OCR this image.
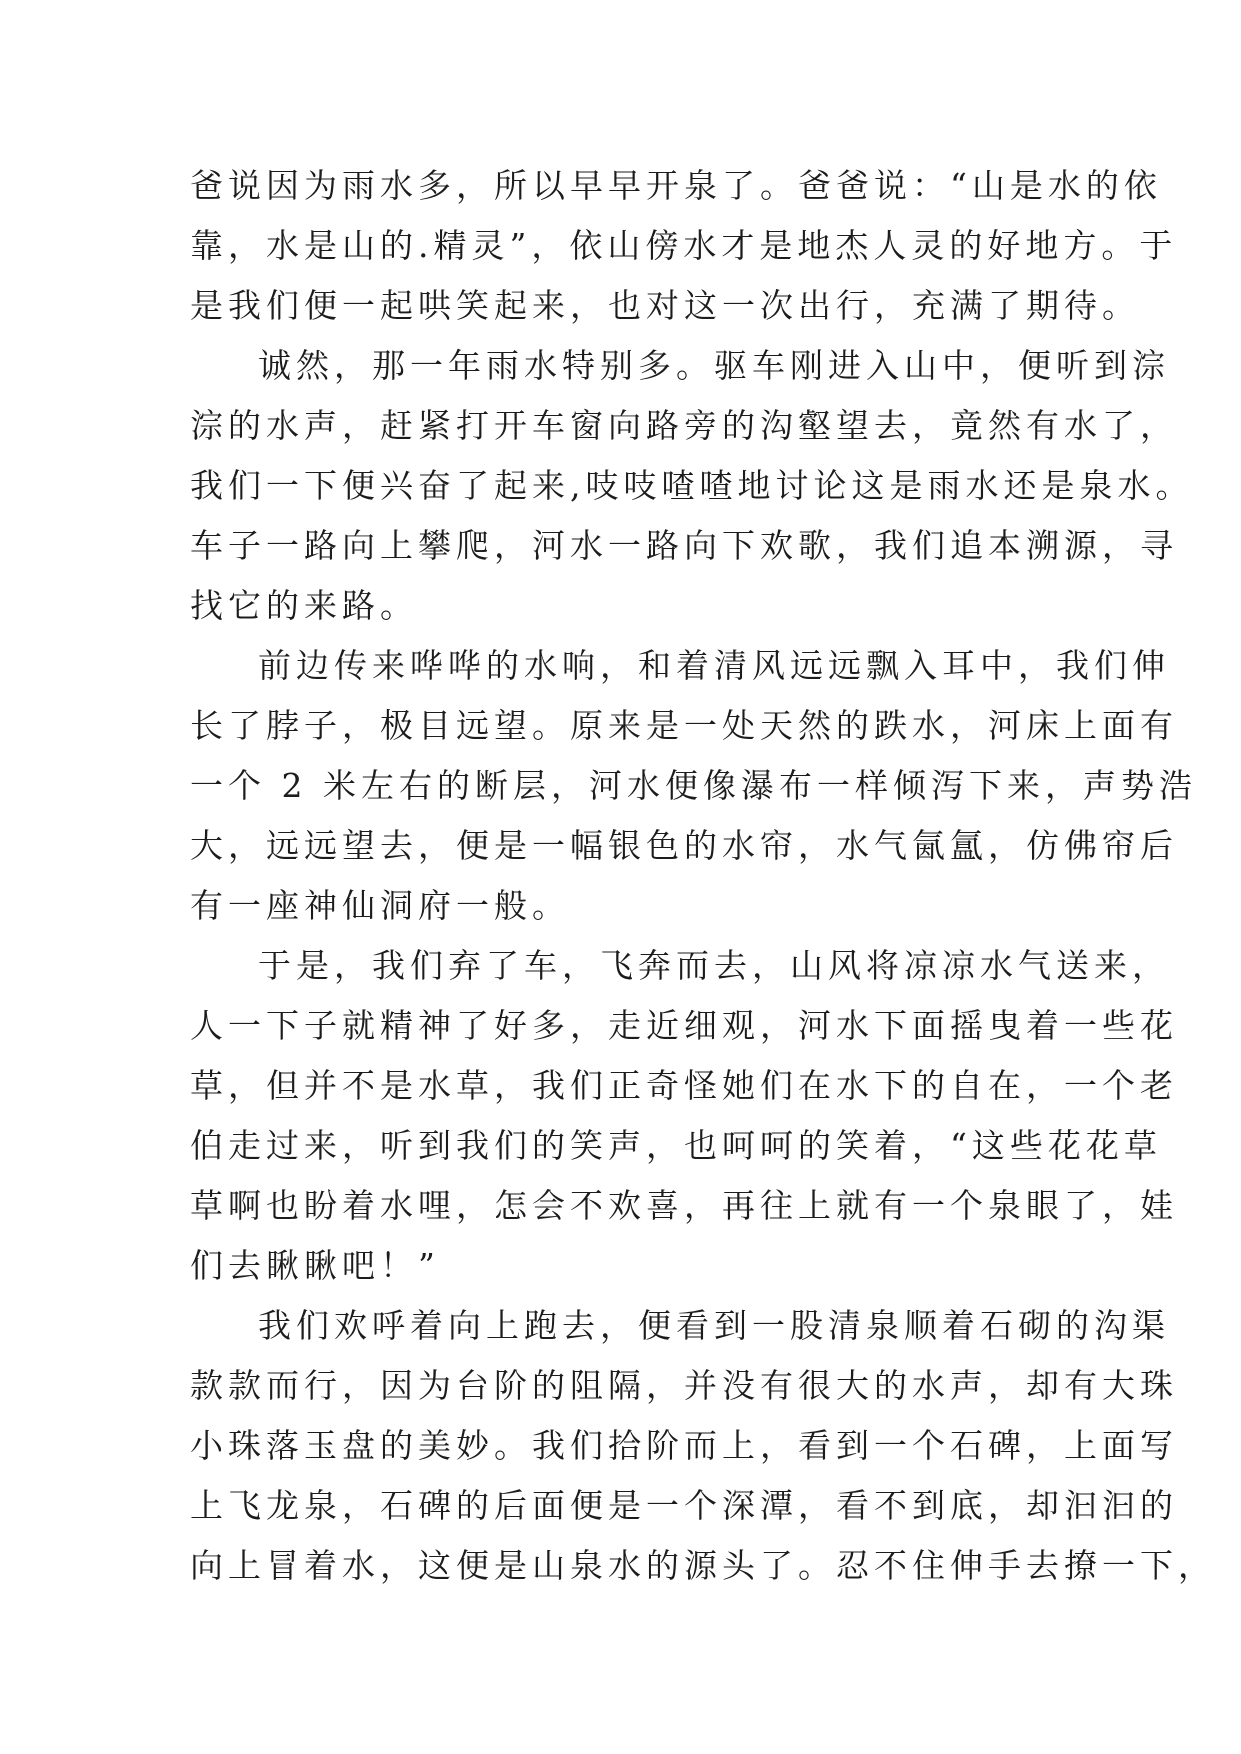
爸说因为雨水多，所以早早开泉了。爸爸说：“山是水的依
靠，水是山的.精灵”，依山傍水才是地杰人灵的好地方。于
是我们便一起哄笑起来，也对这一次出行，充满了期待。
诚然，那一年雨水特别多。驱车刚进入山中，便听到淙
淙的水声，赶紧打开车窗向路旁的沟壑望去，竟然有水了，
我们一下便兴奋了起来,吱吱喳喳地讨论这是雨水还是泉水。
车子一路向上攀爬，河水一路向下欢歌，我们追本溯源，寻
找它的来路。
前边传来哗哗的水响，和着清风远远飘入耳中，我们伸
长了脖子，极目远望。原来是一处天然的跌水，河床上面有
一个 2 米左右的断层，河水便像瀑布一样倾泻下来，声势浩
大，远远望去，便是一幅银色的水帘，水气氤氲，仿佛帘后
有一座神仙洞府一般。
于是，我们弃了车，飞奔而去，山风将凉凉水气送来，
人一下子就精神了好多，走近细观，河水下面摇曳着一些花
草，但并不是水草，我们正奇怪她们在水下的自在，一个老
伯走过来，听到我们的笑声，也呵呵的笑着，“这些花花草
草啊也盼着水哩，怎会不欢喜，再往上就有一个泉眼了，娃
们去瞅瞅吧！”
我们欢呼着向上跑去，便看到一股清泉顺着石砌的沟渠
款款而行，因为台阶的阻隔，并没有很大的水声，却有大珠
小珠落玉盘的美妙。我们拾阶而上，看到一个石碑，上面写
上飞龙泉，石碑的后面便是一个深潭，看不到底，却汩汩的
向上冒着水，这便是山泉水的源头了。忍不住伸手去撩一下，
